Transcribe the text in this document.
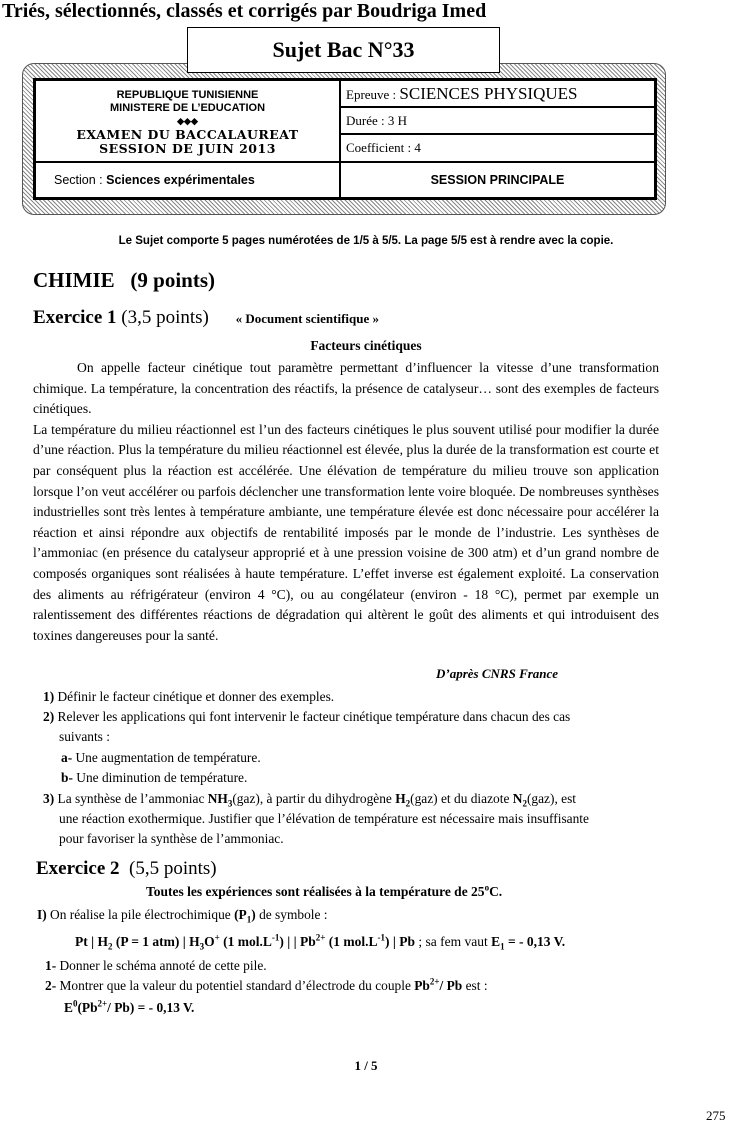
Triés, sélectionnés, classés et corrigés par Boudriga Imed
Sujet Bac N°33
REPUBLIQUE TUNISIENNE
MINISTERE DE L’EDUCATION
◆◆◆
EXAMEN DU BACCALAUREAT
SESSION DE JUIN 2013
Epreuve : SCIENCES PHYSIQUES
Durée : 3 H
Coefficient : 4
Section : Sciences expérimentales	SESSION PRINCIPALE
Le Sujet comporte 5 pages numérotées de 1/5 à 5/5. La page 5/5 est à rendre avec la copie.
CHIMIE   (9 points)
Exercice 1 (3,5 points) « Document scientifique »
Facteurs cinétiques

On appelle facteur cinétique tout paramètre permettant d’influencer la vitesse d’une transformation chimique. La température, la concentration des réactifs, la présence de catalyseur… sont des exemples de facteurs cinétiques.

La température du milieu réactionnel est l’un des facteurs cinétiques le plus souvent utilisé pour modifier la durée d’une réaction. Plus la température du milieu réactionnel est élevée, plus la durée de la transformation est courte et par conséquent plus la réaction est accélérée. Une élévation de température du milieu trouve son application lorsque l’on veut accélérer ou parfois déclencher une transformation lente voire bloquée. De nombreuses synthèses industrielles sont très lentes à température ambiante, une température élevée est donc nécessaire pour accélérer la réaction et ainsi répondre aux objectifs de rentabilité imposés par le monde de l’industrie. Les synthèses de l’ammoniac (en présence du catalyseur approprié et à une pression voisine de 300 atm) et d’un grand nombre de composés organiques sont réalisées à haute température. L’effet inverse est également exploité. La conservation des aliments au réfrigérateur (environ 4 °C), ou au congélateur (environ - 18 °C), permet par exemple un ralentissement des différentes réactions de dégradation qui altèrent le goût des aliments et qui introduisent des toxines dangereuses pour la santé.

D’après CNRS France
1) Définir le facteur cinétique et donner des exemples.
2) Relever les applications qui font intervenir le facteur cinétique température dans chacun des cas
suivants :
a- Une augmentation de température.
b- Une diminution de température.
3) La synthèse de l’ammoniac $NH_3(gaz)$, à partir du dihydrogène $H_2(gaz)$ et du diazote $N_2(gaz)$, est
une réaction exothermique. Justifier que l’élévation de température est nécessaire mais insuffisante
pour favoriser la synthèse de l’ammoniac.
Exercice 2 (5,5 points)
Toutes les expériences sont réalisées à la température de 25$^o$C.
I) On réalise la pile électrochimique $(P_1)$ de symbole :
Pt | $H_2$ (P = 1 atm) | $H_3O^+$ (1 $mol.L^{-1}$) | | $Pb^{2+}$ (1 $mol.L^{-1}$) | Pb ; sa fem vaut $E_1$ = - 0,13 V.
1- Donner le schéma annoté de cette pile.
2- Montrer que la valeur du potentiel standard d’électrode du couple $Pb^{2+}/$ Pb est :
$E^0(Pb^{2+}/$ Pb) = - 0,13 V.
1 / 5
275
